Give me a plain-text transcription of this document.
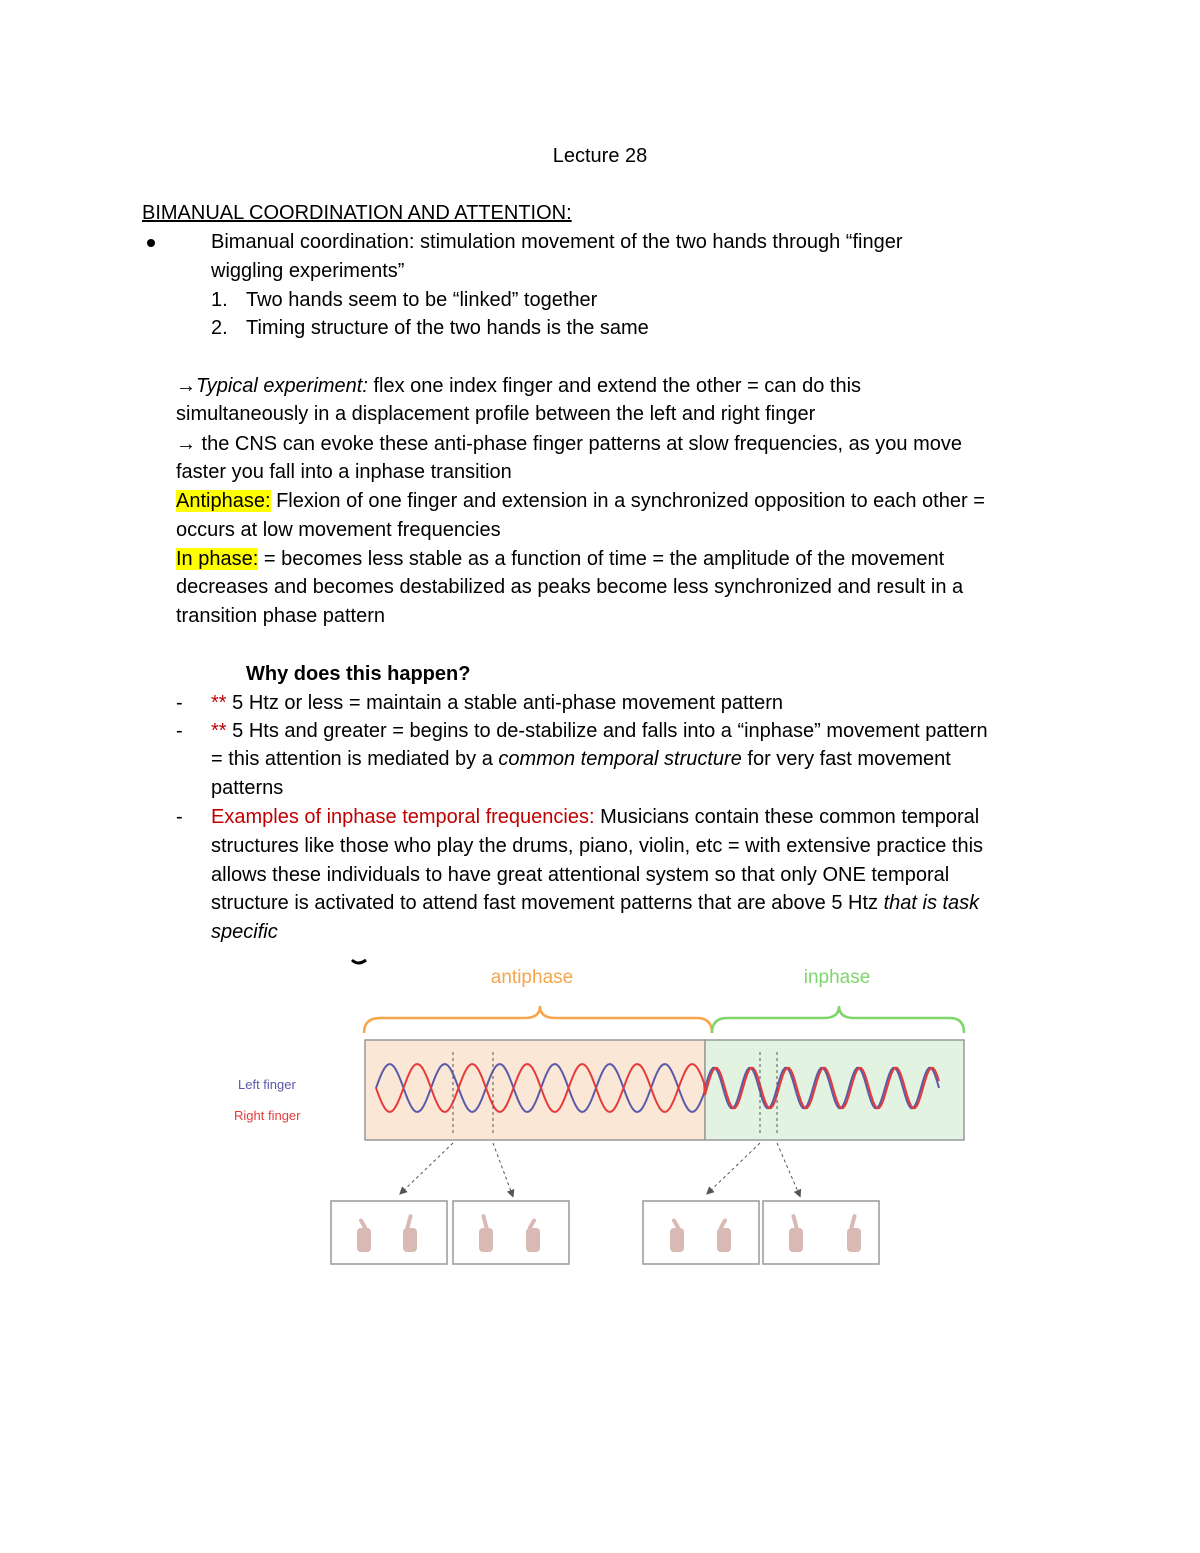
Lecture 28
BIMANUAL COORDINATION AND ATTENTION:
Bimanual coordination: stimulation movement of the two hands through “finger
wiggling experiments”
1. Two hands seem to be “linked” together
2. Timing structure of the two hands is the same
→Typical experiment: flex one index finger and extend the other = can do this
simultaneously in a displacement profile between the left and right finger
→ the CNS can evoke these anti-phase finger patterns at slow frequencies, as you move
faster you fall into a inphase transition
Antiphase: Flexion of one finger and extension in a synchronized opposition to each other =
occurs at low movement frequencies
In phase: = becomes less stable as a function of time = the amplitude of the movement
decreases and becomes destabilized as peaks become less synchronized and result in a
transition phase pattern
Why does this happen?
- ** 5 Htz or less = maintain a stable anti-phase movement pattern
- ** 5 Hts and greater = begins to de-stabilize and falls into a “inphase” movement pattern
= this attention is mediated by a common temporal structure for very fast movement
patterns
- Examples of inphase temporal frequencies: Musicians contain these common temporal
structures like those who play the drums, piano, violin, etc = with extensive practice this
allows these individuals to have great attentional system so that only ONE temporal
structure is activated to attend fast movement patterns that are above 5 Htz that is task
specific
antiphase	inphase
Left finger
Right finger
